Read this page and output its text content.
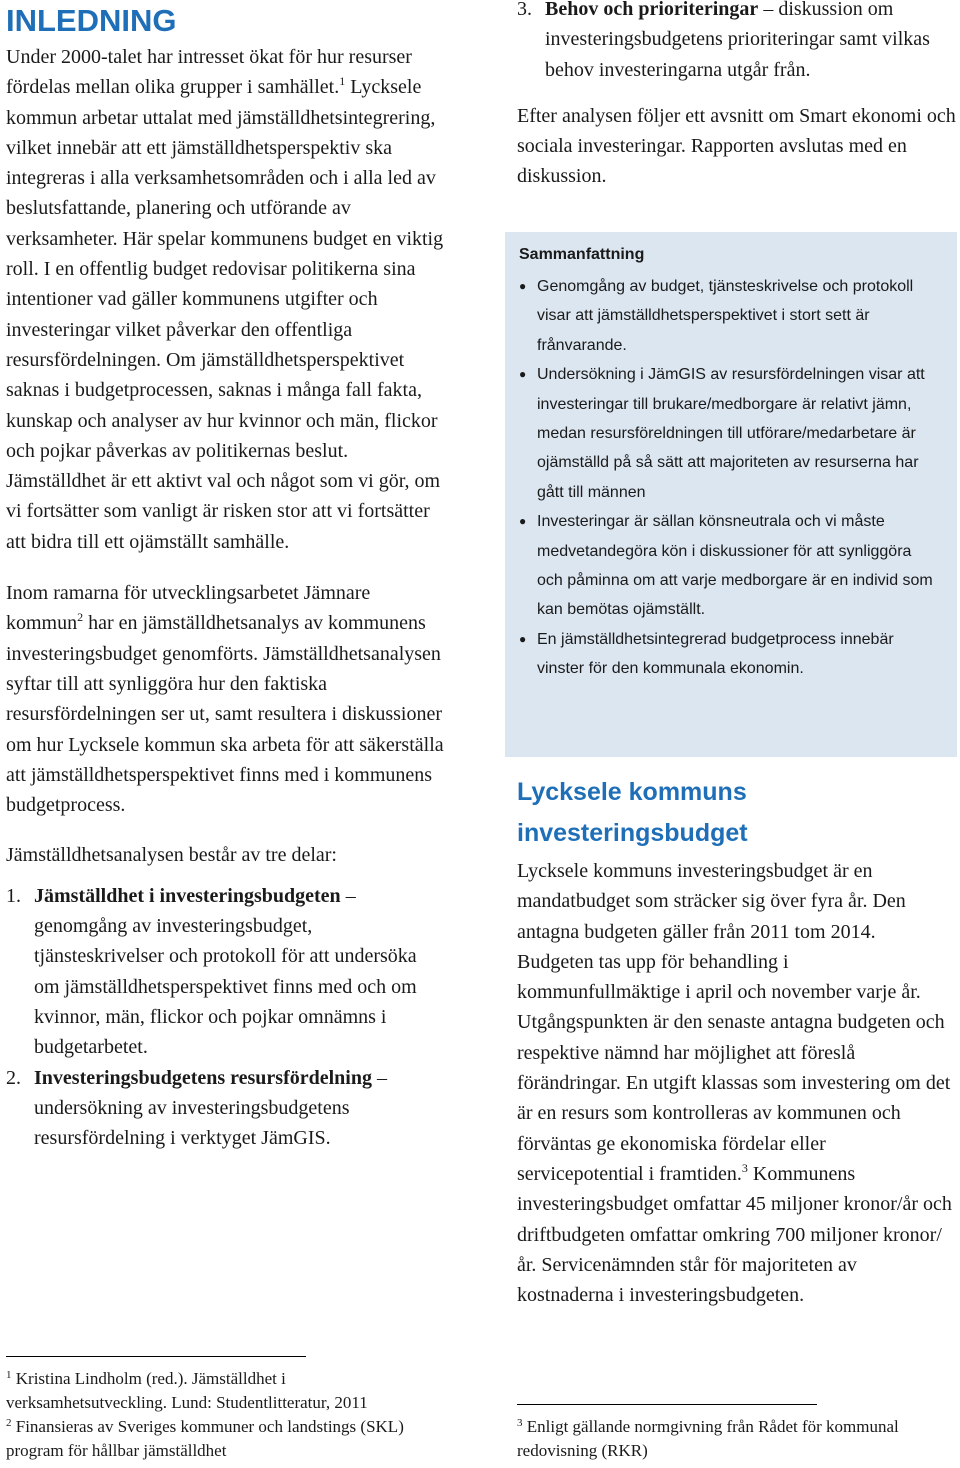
INLEDNING

Under 2000-talet har intresset ökat för hur resurser fördelas mellan olika grupper i samhället.$^1$ Lycksele kommun arbetar uttalat med jämställdhetsintegrering, vilket innebär att ett jämställdhetsperspektiv ska integreras i alla verksamhetsområden och i alla led av beslutsfattande, planering och utförande av verksamheter. Här spelar kommunens budget en viktig roll. I en offentlig budget redovisar politikerna sina intentioner vad gäller kommunens utgifter och investeringar vilket påverkar den offentliga resursfördelningen. Om jämställdhetsperspektivet saknas i budgetprocessen, saknas i många fall fakta, kunskap och analyser av hur kvinnor och män, flickor och pojkar påverkas av politikernas beslut. Jämställdhet är ett aktivt val och något som vi gör, om vi fortsätter som vanligt är risken stor att vi fortsätter att bidra till ett ojämställt samhälle.

Inom ramarna för utvecklingsarbetet Jämnare kommun$^2$ har en jämställdhetsanalys av kommunens investeringsbudget genomförts. Jämställdhetsanalysen syftar till att synliggöra hur den faktiska resursfördelningen ser ut, samt resultera i diskussioner om hur Lycksele kommun ska arbeta för att säkerställa att jämställdhetsperspektivet finns med i kommunens budgetprocess.

Jämställdhetsanalysen består av tre delar:

1. Jämställdhet i investeringsbudgeten – genomgång av investeringsbudget, tjänsteskrivelser och protokoll för att undersöka om jämställdhetsperspektivet finns med och om kvinnor, män, flickor och pojkar omnämns i budgetarbetet.
2. Investeringsbudgetens resursfördelning – undersökning av investeringsbudgetens resursfördelning i verktyget JämGIS.

$^1$ Kristina Lindholm (red.). Jämställdhet i verksamhetsutveckling. Lund: Studentlitteratur, 2011

$^2$ Finansieras av Sveriges kommuner och landstings (SKL) program för hållbar jämställdhet

3. Behov och prioriteringar – diskussion om investeringsbudgetens prioriteringar samt vilkas behov investeringarna utgår från.

Efter analysen följer ett avsnitt om Smart ekonomi och sociala investeringar. Rapporten avslutas med en diskussion.

Sammanfattning

● Genomgång av budget, tjänsteskrivelse och protokoll visar att jämställdhetsperspektivet i stort sett är frånvarande.
● Undersökning i JämGIS av resursfördelningen visar att investeringar till brukare/medborgare är relativt jämn, medan resursföreldningen till utförare/medarbetare är ojämställd på så sätt att majoriteten av resurserna har gått till männen
● Investeringar är sällan könsneutrala och vi måste medvetandegöra kön i diskussioner för att synliggöra och påminna om att varje medborgare är en individ som kan bemötas ojämställt.
● En jämställdhetsintegrerad budgetprocess innebär vinster för den kommunala ekonomin.
Lycksele kommuns investeringsbudget

Lycksele kommuns investeringsbudget är en mandatbudget som sträcker sig över fyra år. Den antagna budgeten gäller från 2011 tom 2014. Budgeten tas upp för behandling i kommunfullmäktige i april och november varje år. Utgångspunkten är den senaste antagna budgeten och respektive nämnd har möjlighet att föreslå förändringar. En utgift klassas som investering om det är en resurs som kontrolleras av kommunen och förväntas ge ekonomiska fördelar eller servicepotential i framtiden.$^3$ Kommunens investeringsbudget omfattar 45 miljoner kronor/år och driftbudgeten omfattar omkring 700 miljoner kronor/år. Servicenämnden står för majoriteten av kostnaderna i investeringsbudgeten.

$^3$ Enligt gällande normgivning från Rådet för kommunal redovisning (RKR)
